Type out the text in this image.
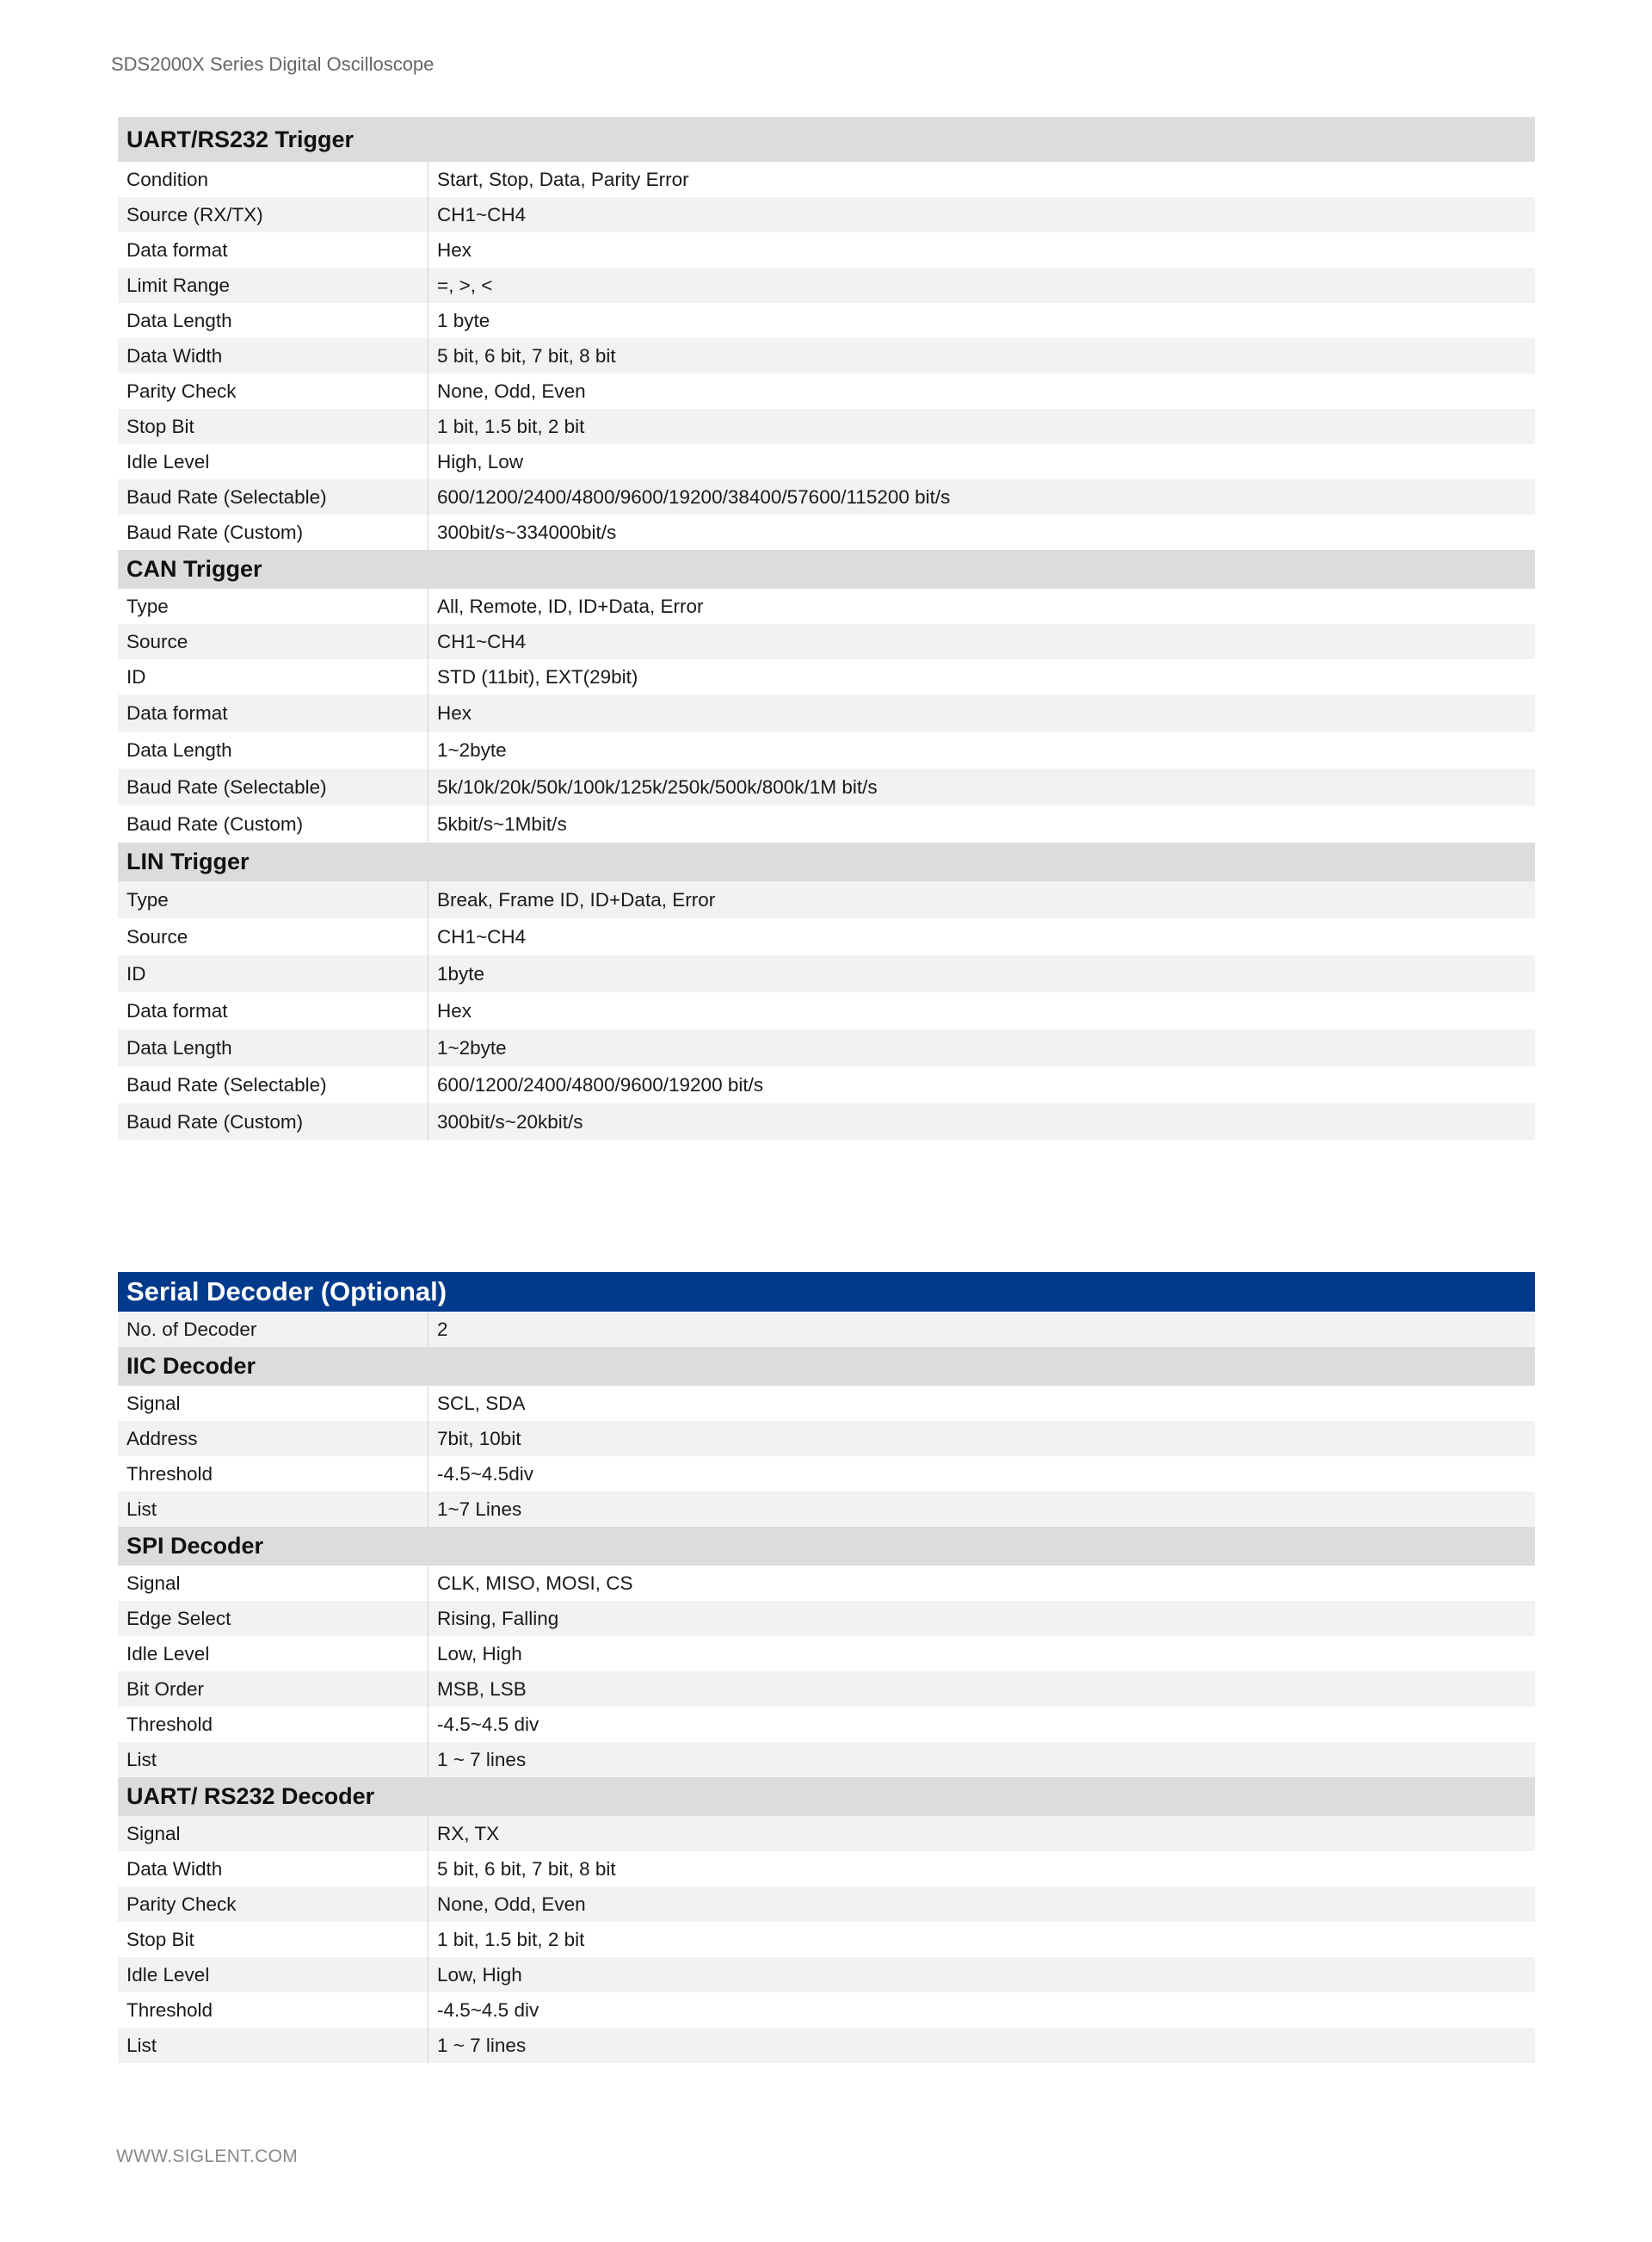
SDS2000X Series Digital Oscilloscope
UART/RS232 Trigger
Condition	Start, Stop, Data, Parity Error
Source (RX/TX)	CH1~CH4
Data format	Hex
Limit Range	=, >, <
Data Length	1 byte
Data Width	5 bit, 6 bit, 7 bit, 8 bit
Parity Check	None, Odd, Even
Stop Bit	1 bit, 1.5 bit, 2 bit
Idle Level	High, Low
Baud Rate (Selectable)	600/1200/2400/4800/9600/19200/38400/57600/115200 bit/s
Baud Rate (Custom)	300bit/s~334000bit/s
CAN Trigger
Type	All, Remote, ID, ID+Data, Error
Source	CH1~CH4
ID	STD (11bit), EXT(29bit)
Data format	Hex
Data Length	1~2byte
Baud Rate (Selectable)	5k/10k/20k/50k/100k/125k/250k/500k/800k/1M bit/s
Baud Rate (Custom)	5kbit/s~1Mbit/s
LIN Trigger
Type	Break, Frame ID, ID+Data, Error
Source	CH1~CH4
ID	1byte
Data format	Hex
Data Length	1~2byte
Baud Rate (Selectable)	600/1200/2400/4800/9600/19200 bit/s
Baud Rate (Custom)	300bit/s~20kbit/s
Serial Decoder (Optional)
No. of Decoder	2
IIC Decoder
Signal	SCL, SDA
Address	7bit, 10bit
Threshold	-4.5~4.5div
List	1~7 Lines
SPI Decoder
Signal	CLK, MISO, MOSI, CS
Edge Select	Rising, Falling
Idle Level	Low, High
Bit Order	MSB, LSB
Threshold	-4.5~4.5 div
List	1 ~ 7 lines
UART/ RS232 Decoder
Signal	RX, TX
Data Width	5 bit, 6 bit, 7 bit, 8 bit
Parity Check	None, Odd, Even
Stop Bit	1 bit, 1.5 bit, 2 bit
Idle Level	Low, High
Threshold	-4.5~4.5 div
List	1 ~ 7 lines
WWW.SIGLENT.COM
